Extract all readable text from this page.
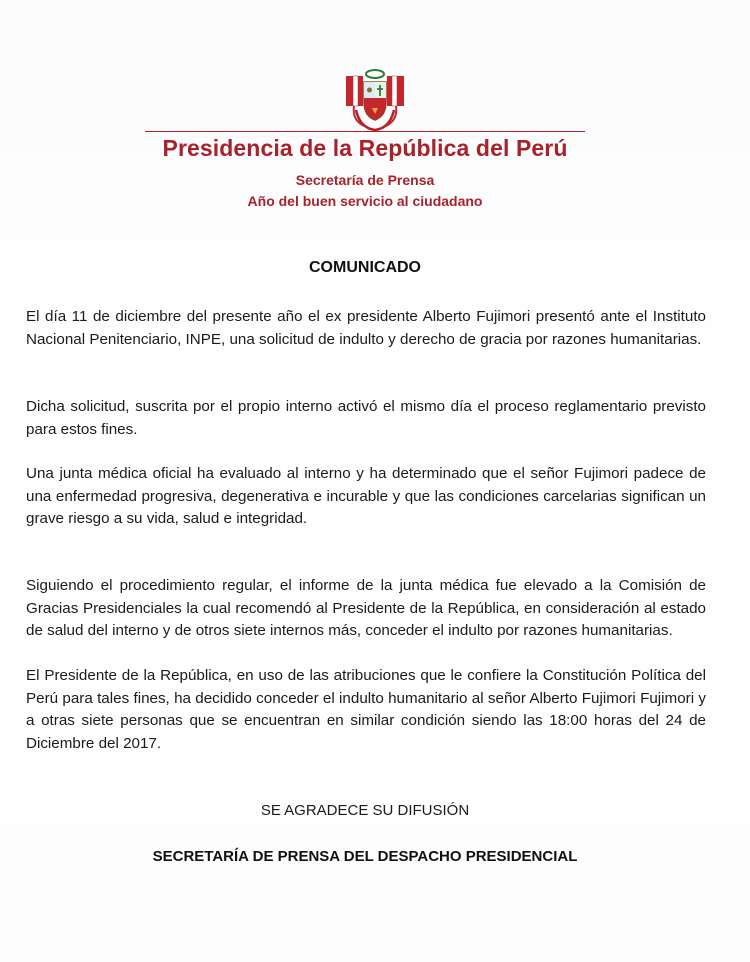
Presidencia de la República del Perú
Secretaría de Prensa
Año del buen servicio al ciudadano
COMUNICADO

El día 11 de diciembre del presente año el ex presidente Alberto Fujimori presentó ante el Instituto Nacional Penitenciario, INPE, una solicitud de indulto y derecho de gracia por razones humanitarias.

Dicha solicitud, suscrita por el propio interno activó el mismo día el proceso reglamentario previsto para estos fines.

Una junta médica oficial ha evaluado al interno y ha determinado que el señor Fujimori padece de una enfermedad progresiva, degenerativa e incurable y que las condiciones carcelarias significan un grave riesgo a su vida, salud e integridad.

Siguiendo el procedimiento regular, el informe de la junta médica fue elevado a la Comisión de Gracias Presidenciales la cual recomendó al Presidente de la República, en consideración al estado de salud del interno y de otros siete internos más, conceder el indulto por razones humanitarias.

El Presidente de la República, en uso de las atribuciones que le confiere la Constitución Política del Perú para tales fines, ha decidido conceder el indulto humanitario al señor Alberto Fujimori Fujimori y a otras siete personas que se encuentran en similar condición siendo las 18:00 horas del 24 de Diciembre del 2017.

SE AGRADECE SU DIFUSIÓN
SECRETARÍA DE PRENSA DEL DESPACHO PRESIDENCIAL
